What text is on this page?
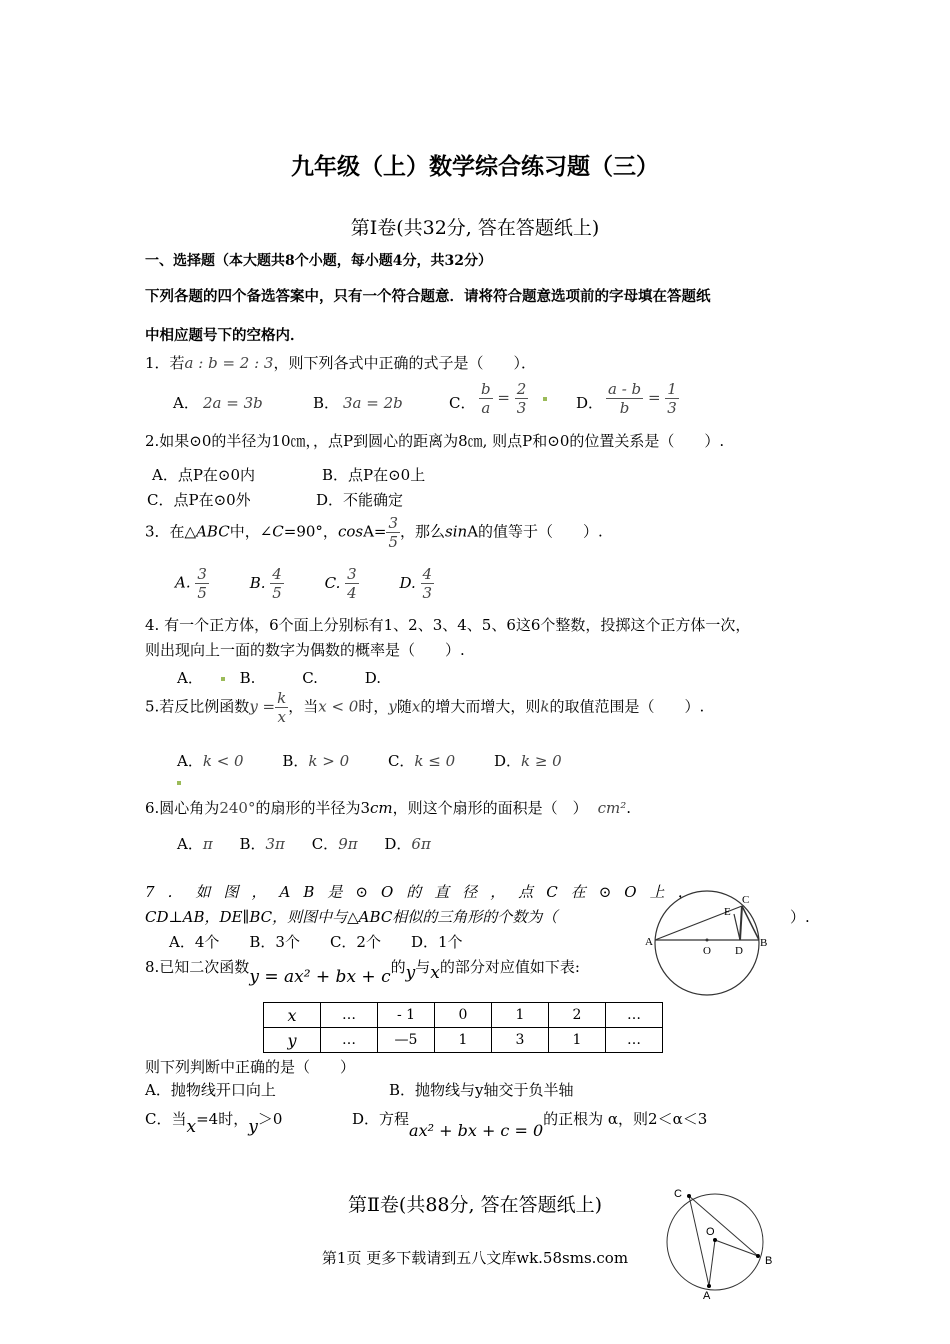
九年级（上）数学综合练习题（三）
第Ⅰ卷(共32分, 答在答题纸上)
一、选择题（本大题共8个小题，每小题4分，共32分）
下列各题的四个备选答案中，只有一个符合题意．请将符合题意选项前的字母填在答题纸
中相应题号下的空格内．
1．若a : b = 2 : 3，则下列各式中正确的式子是（　　）．
A． 2a = 3b	B． 3a = 2b	C． $\frac{b}{a} = \frac{2}{3}$
	D． $\frac{a - b}{b} = \frac{1}{3}$
2.如果⊙0的半径为10㎝，，点P到圆心的距离为8㎝, 则点P和⊙0的位置关系是（　　）.
A．点P在⊙0内	B．点P在⊙0上
C．点P在⊙0外	D．不能确定
3．在△ABC中，∠C=90°，$\cos A= \frac{3}{5}$ ，那么sinA的值等于（　　）.
A. $\frac{3}{5}$	B. $\frac{4}{5}$	C. $\frac{3}{4}$	D. $\frac{4}{3}$
4. 有一个正方体，6个面上分别标有1、2、3、4、5、6这6个整数，投掷这个正方体一次，
则出现向上一面的数字为偶数的概率是（　　）.
A． B.	C.	D.
5.若反比例函数$y = \frac{k}{x}$ ，当x < 0时，y随x的增大而增大，则k的取值范围是（　　）.
A．k < 0	B．k > 0	C．k ≤ 0	D．k ≥ 0
6.圆心角为240°的扇形的半径为3cm，则这个扇形的面积是（　） cm².
A．π B．3π C．9π D．6π
7．如图，AB是⊙O的直径，点C在⊙O上，
CD⊥AB，DE∥BC，则图中与△ABC相似的三角形的个数为（	）.
A．4个　　B．3个　　C．2个　　D．1个	A	B
C
D
E
O
8.已知二次函数y = ax² + bx + c的y与x的部分对应值如下表:
x	…	- 1	0	1	2	…
y	…	—5	1	3	1	…
则下列判断中正确的是（　　）
A．抛物线开口向上	B．抛物线与y轴交于负半轴
C．当x=4时，y＞0	D．方程ax² + bx + c = 0的正根为 α，则2＜α＜3
第Ⅱ卷(共88分, 答在答题纸上)	C
O
B
A
第1页 更多下载请到五八文库wk.58sms.com
